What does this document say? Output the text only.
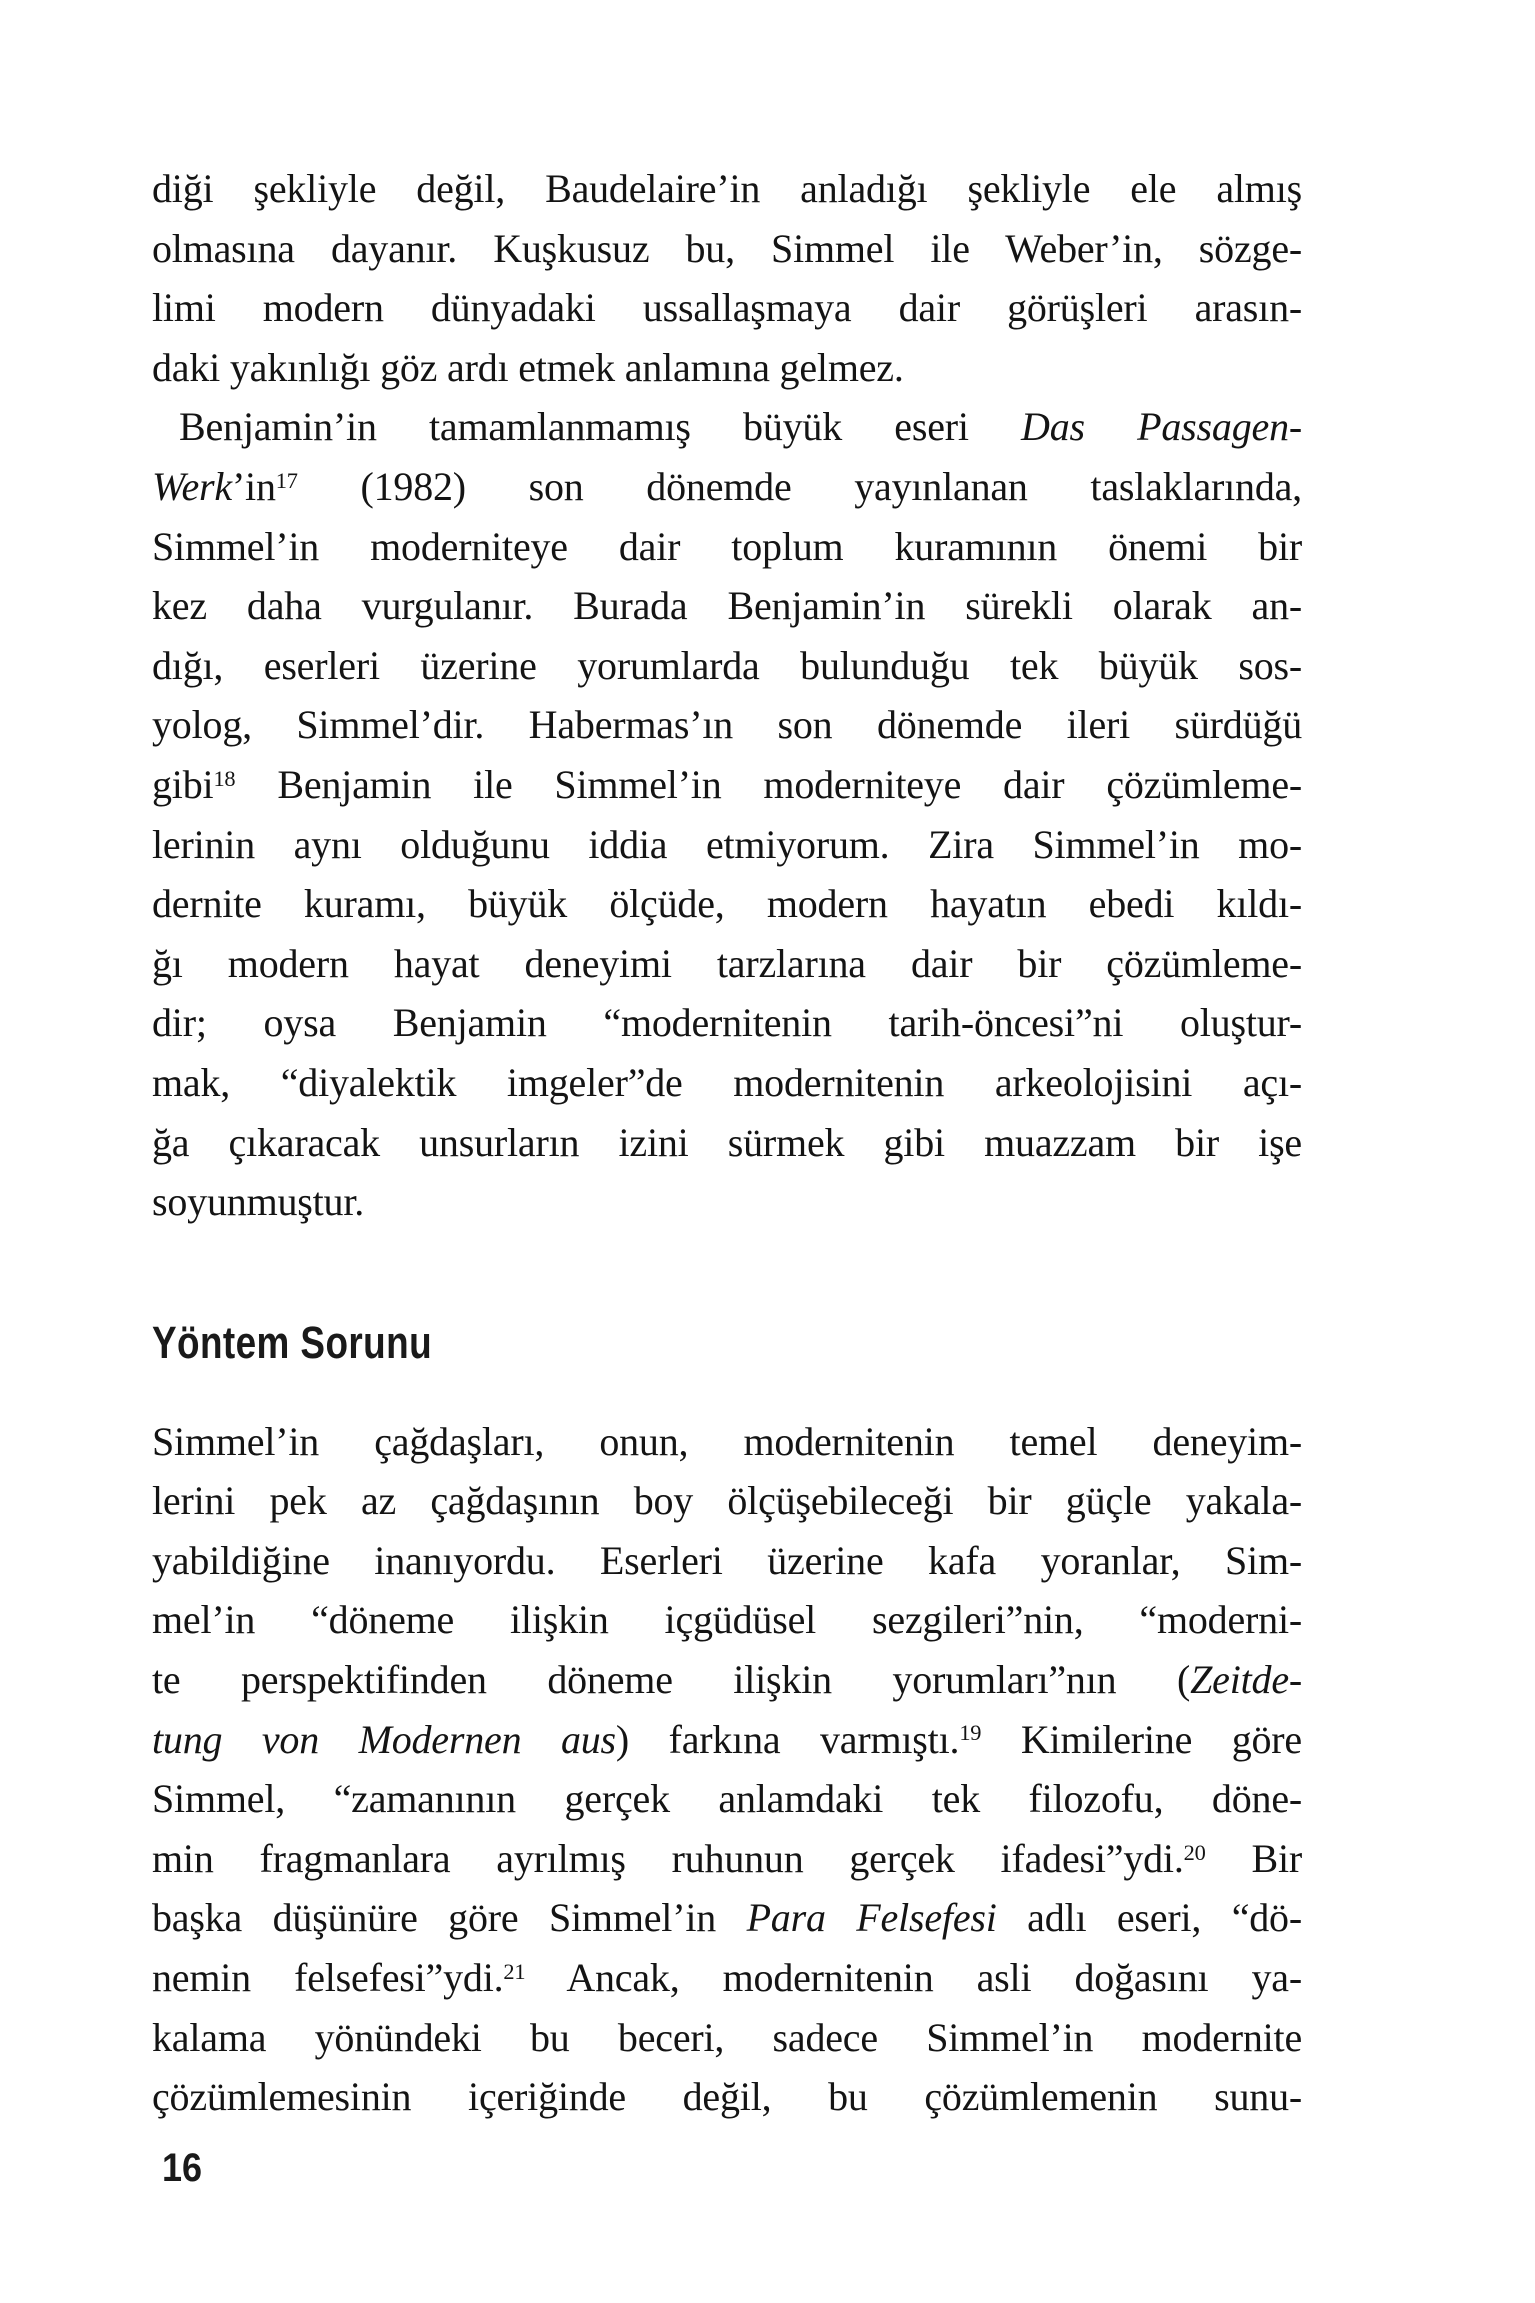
diği şekliyle değil, Baudelaire’in anladığı şekliyle ele almış
olmasına dayanır. Kuşkusuz bu, Simmel ile Weber’in, sözge-
limi modern dünyadaki ussallaşmaya dair görüşleri arasın-
daki yakınlığı göz ardı etmek anlamına gelmez.
Benjamin’in tamamlanmamış büyük eseri Das Passagen-
Werk’in$^{17}$ (1982) son dönemde yayınlanan taslaklarında,
Simmel’in moderniteye dair toplum kuramının önemi bir
kez daha vurgulanır. Burada Benjamin’in sürekli olarak an-
dığı, eserleri üzerine yorumlarda bulunduğu tek büyük sos-
yolog, Simmel’dir. Habermas’ın son dönemde ileri sürdüğü
gibi$^{18}$ Benjamin ile Simmel’in moderniteye dair çözümleme-
lerinin aynı olduğunu iddia etmiyorum. Zira Simmel’in mo-
dernite kuramı, büyük ölçüde, modern hayatın ebedi kıldı-
ğı modern hayat deneyimi tarzlarına dair bir çözümleme-
dir; oysa Benjamin “modernitenin tarih-öncesi”ni oluştur-
mak, “diyalektik imgeler”de modernitenin arkeolojisini açı-
ğa çıkaracak unsurların izini sürmek gibi muazzam bir işe
soyunmuştur.
Yöntem Sorunu
Simmel’in çağdaşları, onun, modernitenin temel deneyim-
lerini pek az çağdaşının boy ölçüşebileceği bir güçle yakala-
yabildiğine inanıyordu. Eserleri üzerine kafa yoranlar, Sim-
mel’in “döneme ilişkin içgüdüsel sezgileri”nin, “moderni-
te perspektifinden döneme ilişkin yorumları”nın (Zeitde-
tung von Modernen aus) farkına varmıştı.$^{19}$ Kimilerine göre
Simmel, “zamanının gerçek anlamdaki tek filozofu, döne-
min fragmanlara ayrılmış ruhunun gerçek ifadesi”ydi.$^{20}$ Bir
başka düşünüre göre Simmel’in Para Felsefesi adlı eseri, “dö-
nemin felsefesi”ydi.$^{21}$ Ancak, modernitenin asli doğasını ya-
kalama yönündeki bu beceri, sadece Simmel’in modernite
çözümlemesinin içeriğinde değil, bu çözümlemenin sunu-
16
